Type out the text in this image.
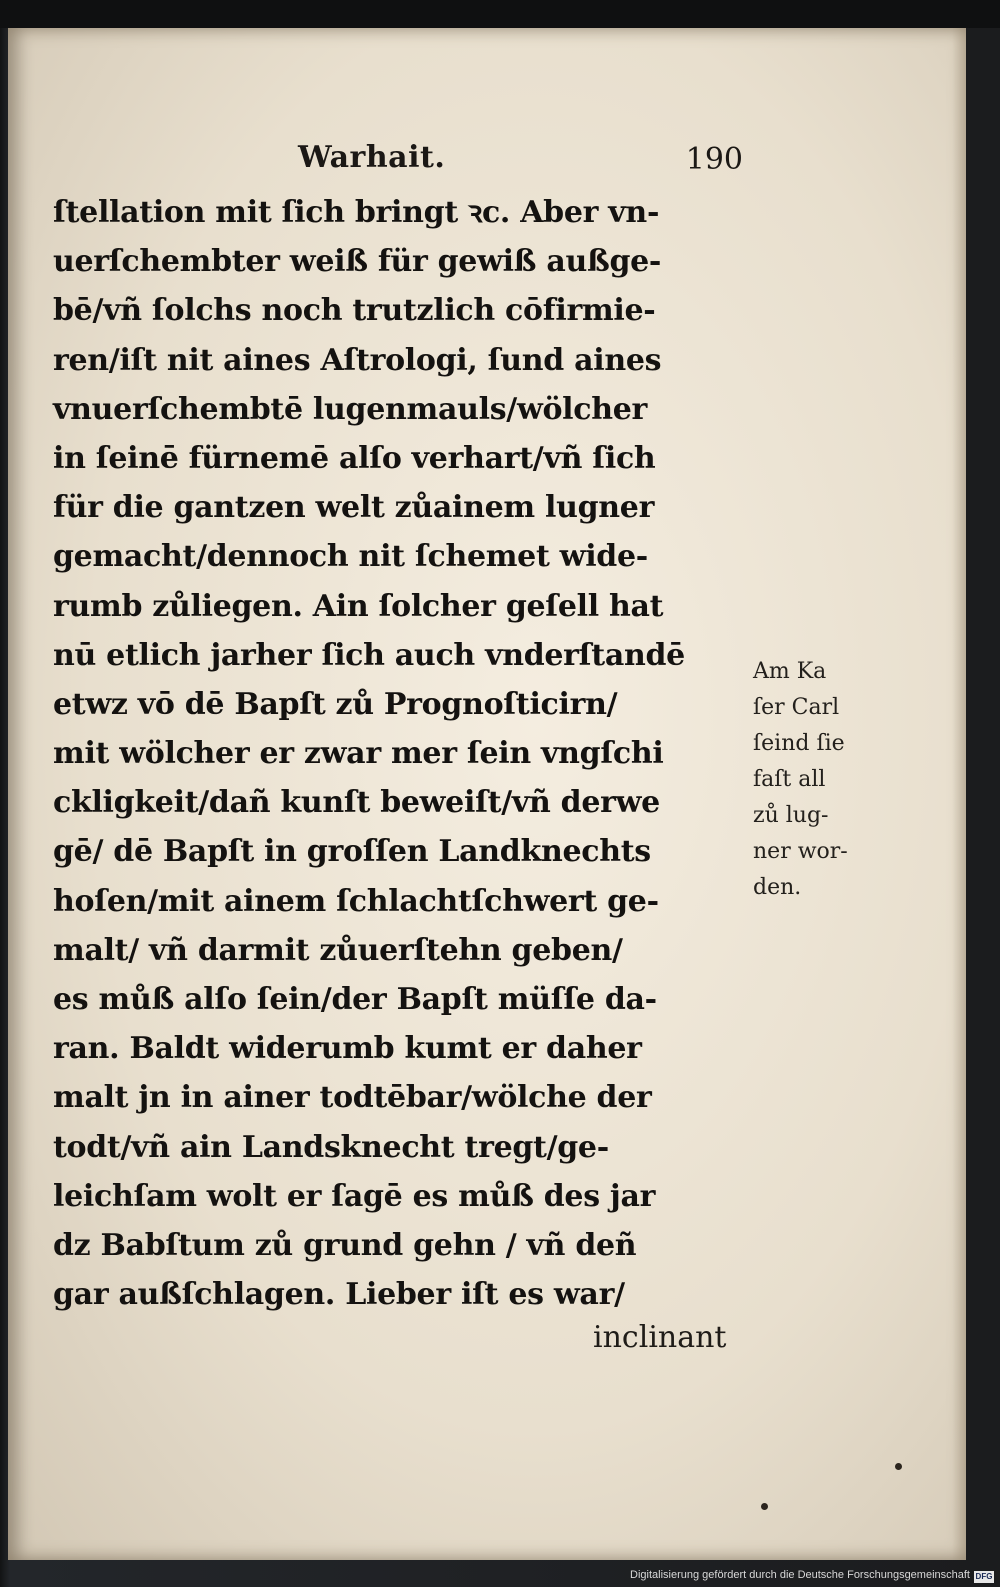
Warhait.	190
ſtellation mit ſich bringt ꝛc. Aber vn‑
uerſchembter weiß für gewiß außge‑
bē/vñ ſolchs noch trutzlich cōfirmie‑
ren/iſt nit aines Aſtrologi, ſund aines
vnuerſchembtē lugenmauls/wölcher
in ſeinē fürnemē alſo verhart/vñ ſich
für die gantzen welt zůainem lugner
gemacht/dennoch nit ſchemet wide‑
rumb zůliegen. Ain ſolcher geſell hat
nū etlich jarher ſich auch vnderſtandē
etwz vō dē Bapſt zů Prognoſticirn/
mit wölcher er zwar mer ſein vngſchi
ckligkeit/dañ kunſt beweiſt/vñ derwe
gē/ dē Bapſt in groſſen Landknechts
hoſen/mit ainem ſchlachtſchwert ge‑
malt/ vñ darmit zůuerſtehn geben/
es můß alſo ſein/der Bapſt müſſe da‑
ran. Baldt widerumb kumt er daher
malt jn in ainer todtēbar/wölche der
todt/vñ ain Landsknecht tregt/ge‑
leichſam wolt er ſagē es můß des jar
dz Babſtum zů grund gehn / vñ deñ
gar außſchlagen. Lieber iſt es war/
Am Ka
ſer Carl
ſeind ſie
faſt all
zů lug‑
ner wor‑
den.
inclinant
Digitalisierung gefördert durch die Deutsche Forschungsgemeinschaft DFG
